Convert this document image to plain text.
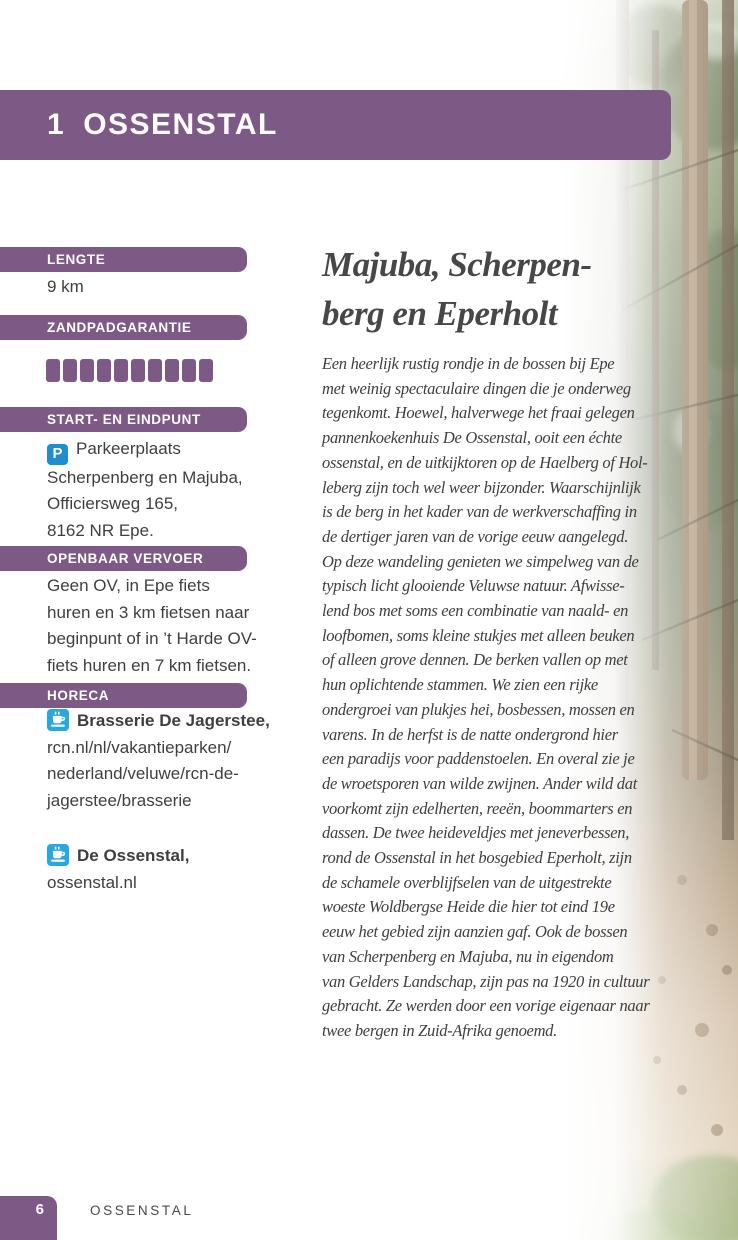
1 OSSENSTAL
LENGTE
9 km
ZANDPADGARANTIE
START- EN EINDPUNT
P Parkeerplaats
Scherpenberg en Majuba,
Officiersweg 165,
8162 NR Epe.
OPENBAAR VERVOER
Geen OV, in Epe fiets
huren en 3 km fietsen naar
beginpunt of in ’t Harde OV-
fiets huren en 7 km fietsen.
HORECA
Brasserie De Jagerstee,
rcn.nl/nl/vakantieparken/
nederland/veluwe/rcn-de-
jagerstee/brasserie
De Ossenstal,
ossenstal.nl
Majuba, Scherpen-
berg en Eperholt
Een heerlijk rustig rondje in de bossen bij Epe
met weinig spectaculaire dingen die je onderweg
tegenkomt. Hoewel, halverwege het fraai gelegen
pannenkoekenhuis De Ossenstal, ooit een échte
ossenstal, en de uitkijktoren op de Haelberg of Hol-
leberg zijn toch wel weer bijzonder. Waarschijnlijk
is de berg in het kader van de werkverschaffing in
de dertiger jaren van de vorige eeuw aangelegd.
Op deze wandeling genieten we simpelweg van de
typisch licht glooiende Veluwse natuur. Afwisse-
lend bos met soms een combinatie van naald- en
loofbomen, soms kleine stukjes met alleen beuken
of alleen grove dennen. De berken vallen op met
hun oplichtende stammen. We zien een rijke
ondergroei van plukjes hei, bosbessen, mossen en
varens. In de herfst is de natte ondergrond hier
een paradijs voor paddenstoelen. En overal zie je
de wroetsporen van wilde zwijnen. Ander wild dat
voorkomt zijn edelherten, reeën, boommarters en
dassen. De twee heideveldjes met jeneverbessen,
rond de Ossenstal in het bosgebied Eperholt, zijn
de schamele overblijfselen van de uitgestrekte
woeste Woldbergse Heide die hier tot eind 19e
eeuw het gebied zijn aanzien gaf. Ook de bossen
van Scherpenberg en Majuba, nu in eigendom
van Gelders Landschap, zijn pas na 1920 in cultuur
gebracht. Ze werden door een vorige eigenaar naar
twee bergen in Zuid-Afrika genoemd.
6	OSSENSTAL
